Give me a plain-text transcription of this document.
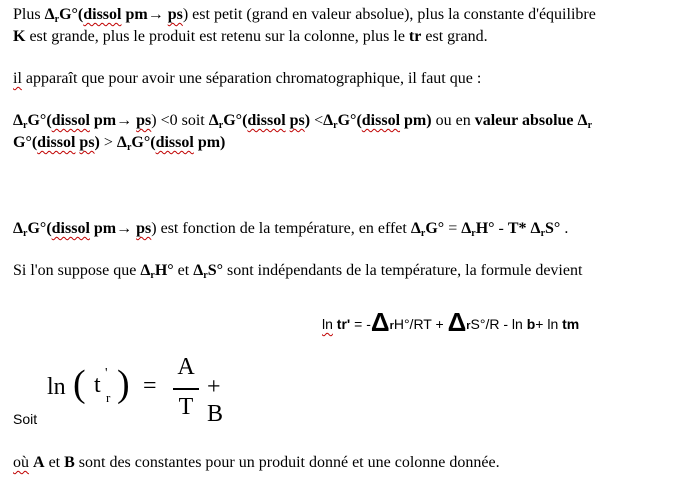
Plus ΔrG°(dissol pm→ ps) est petit (grand en valeur absolue), plus la constante d'équilibre
K est grande, plus le produit est retenu sur la colonne, plus le tr est grand.
il apparaît que pour avoir une séparation chromatographique, il faut que :
ΔrG°(dissol pm→ ps) <0 soit ΔrG°(dissol ps) <ΔrG°(dissol pm) ou en valeur absolue Δr
G°(dissol ps) > ΔrG°(dissol pm)
ΔrG°(dissol pm→ ps) est fonction de la température, en effet ΔrG° = ΔrH° - T* ΔrS° .
Si l'on suppose que ΔrH° et ΔrS° sont indépendants de la température, la formule devient
ln tr' = -ΔrH°/RT + ΔrS°/R - ln b+ ln tm
ln ( t '
r ) =
A
T
+ B
Soit
où A et B sont des constantes pour un produit donné et une colonne donnée.
